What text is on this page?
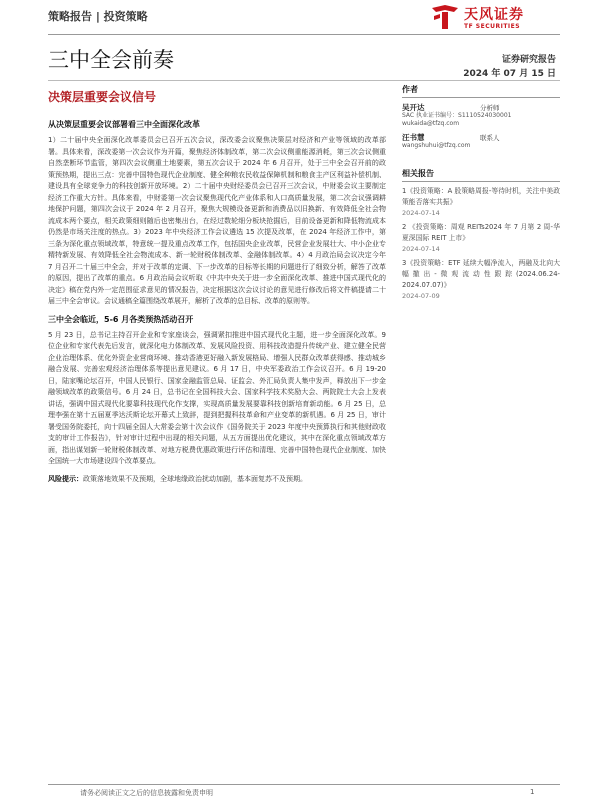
策略报告 | 投资策略	天风证券
TF SECURITIES
三中全会前奏	证券研究报告
2024 年 07 月 15 日
决策层重要会议信号
从决策层重要会议部署看三中全面深化改革
1）二十届中央全面深化改革委员会已召开五次会议，深改委会议聚焦决策层对经济和产业等领域的改革部署。具体来看，深改委第一次会议作为开篇，聚焦经济体制改革，第二次会议侧重能源消耗，第三次会议侧重自然垄断环节监管，第四次会议侧重土地要素，第五次会议于 2024 年 6 月召开，处于三中全会召开前的政策预热期，提出三点：完善中国特色现代企业制度、健全种粮农民收益保障机制和粮食主产区利益补偿机制、建设具有全球竞争力的科技创新开放环境。2）二十届中央财经委员会已召开三次会议，中财委会议主要制定经济工作重大方针。具体来看，中财委第一次会议聚焦现代化产业体系和人口高质量发展，第二次会议强调耕地保护问题，第四次会议于 2024 年 2 月召开，聚焦大规模设备更新和消费品以旧换新、有效降低全社会物流成本两个要点，相关政策细则随后也密集出台，在经过数轮细分板块抢掘后，目前设备更新和降低物流成本仍然是市场关注度的热点。3）2023 年中央经济工作会议遴选 15 次提及改革，在 2024 年经济工作中，第三条为深化重点领域改革，特意统一提及重点改革工作，包括国央企业改革，民营企业发展壮大、中小企业专精特新发展、有效降低全社会物流成本、新一轮财税体制改革、金融体制改革。4）4 月政治局会议决定今年 7 月召开二十届三中全会，并对于改革的定调、下一步改革的目标等长期的问题进行了细致分析，解答了改革的原因，提出了改革的重点。6 月政治局会议听取《中共中央关于进一步全面深化改革、推进中国式现代化的决定》稿在党内外一定范围征求意见的情况报告，决定根据这次会议讨论的意见进行修改后将文件稿提请二十届三中全会审议。会议通稿全篇围绕改革展开，解析了改革的总目标、改革的原则等。
三中全会临近，5-6 月各类预热活动召开
5 月 23 日，总书记主持召开企业和专家座谈会，强调紧扣推进中国式现代化主题，进一步全面深化改革。9 位企业和专家代表先后发言，就深化电力体制改革、发展风险投资、用科技改造提升传统产业、建立健全民营企业治理体系、优化外资企业营商环境、推动香港更好融入新发展格局、增强人民群众改革获得感、推动城乡融合发展、完善宏观经济治理体系等提出意见建议。6 月 17 日，中央军委政治工作会议召开。6 月 19-20 日，陆家嘴论坛召开，中国人民银行、国家金融监管总局、证监会、外汇局负责人集中发声，释放出下一步金融领域改革的政策信号。6 月 24 日，总书记在全国科技大会、国家科学技术奖励大会、两院院士大会上发表讲话，强调中国式现代化要靠科技现代化作支撑，实现高质量发展要靠科技创新培育新动能。6 月 25 日，总理李强在第十五届夏季达沃斯论坛开幕式上致辞，提到把握科技革命和产业变革的新机遇。6 月 25 日，审计署受国务院委托，向十四届全国人大常委会第十次会议作《国务院关于 2023 年度中央预算执行和其他财政收支的审计工作报告》，针对审计过程中出现的相关问题，从五方面提出优化建议，其中在深化重点领域改革方面，指出谋划新一轮财税体制改革、对地方税费优惠政策进行评估和清理、完善中国特色现代企业制度、加快全国统一大市场建设四个改革要点。
风险提示：政策落地效果不及预期，全球地缘政治扰动加剧，基本面复苏不及预期。
作者
吴开达	分析师
SAC 执业证书编号：S1110524030001
wukaida@tfzq.com
汪书慧	联系人
wangshuhui@tfzq.com
相关报告
1《投资策略：A 股策略周报-等待时机，关注中美政策能否落实共振》
2024-07-14
2 《投资策略：周观 REITs2024 年 7 月第 2 周-华夏深国际 REIT 上市》
2024-07-14
3《投资策略：ETF 延续大幅净流入，两融及北向大幅撤出-微观流动性跟踪(2024.06.24-2024.07.07)》
2024-07-09
请务必阅读正文之后的信息披露和免责申明	1
